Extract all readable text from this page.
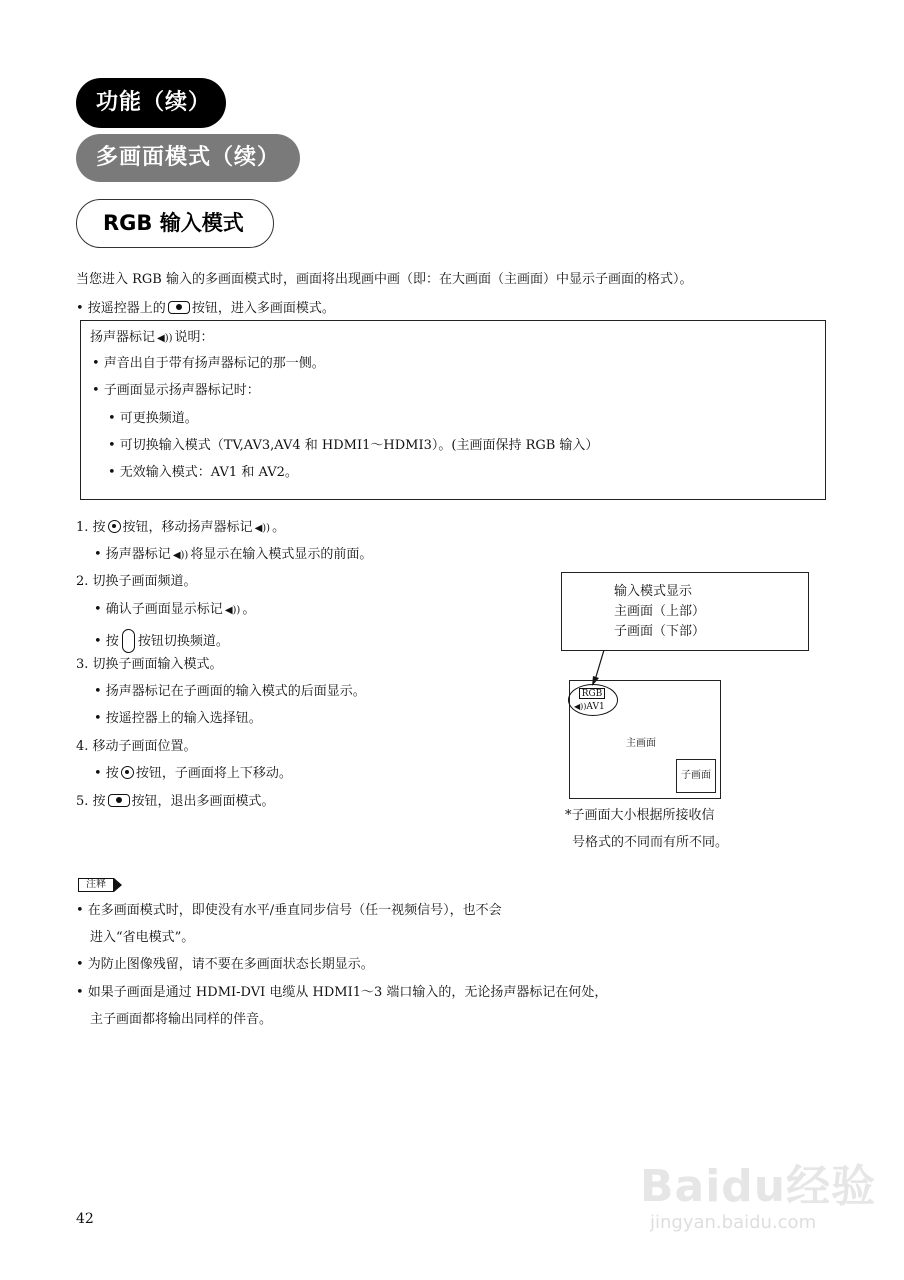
功能（续）
多画面模式（续）
RGB 输入模式
当您进入 RGB 输入的多画面模式时，画面将出现画中画（即：在大画面（主画面）中显示子画面的格式）。
• 按遥控器上的 按钮，进入多画面模式。
扬声器标记 ◀)) 说明：
• 声音出自于带有扬声器标记的那一侧。
• 子画面显示扬声器标记时：
• 可更换频道。
• 可切换输入模式（TV,AV3,AV4 和 HDMI1～HDMI3）。(主画面保持 RGB 输入）
• 无效输入模式：AV1 和 AV2。
1. 按 按钮，移动扬声器标记 ◀)) 。
• 扬声器标记 ◀)) 将显示在输入模式显示的前面。
2. 切换子画面频道。
• 确认子画面显示标记 ◀)) 。
• 按 按钮切换频道。
3. 切换子画面输入模式。
• 扬声器标记在子画面的输入模式的后面显示。
• 按遥控器上的输入选择钮。
4. 移动子画面位置。
• 按 按钮，子画面将上下移动。
5. 按 按钮，退出多画面模式。
输入模式显示
主画面（上部）
子画面（下部）
RGB
◀))AV1
主画面
子画面
*子画面大小根据所接收信
号格式的不同而有所不同。
注释
• 在多画面模式时，即使没有水平/垂直同步信号（任一视频信号），也不会
进入“省电模式”。
• 为防止图像残留，请不要在多画面状态长期显示。
• 如果子画面是通过 HDMI-DVI 电缆从 HDMI1～3 端口输入的，无论扬声器标记在何处，
主子画面都将输出同样的伴音。
42
Baidu经验
jingyan.baidu.com
